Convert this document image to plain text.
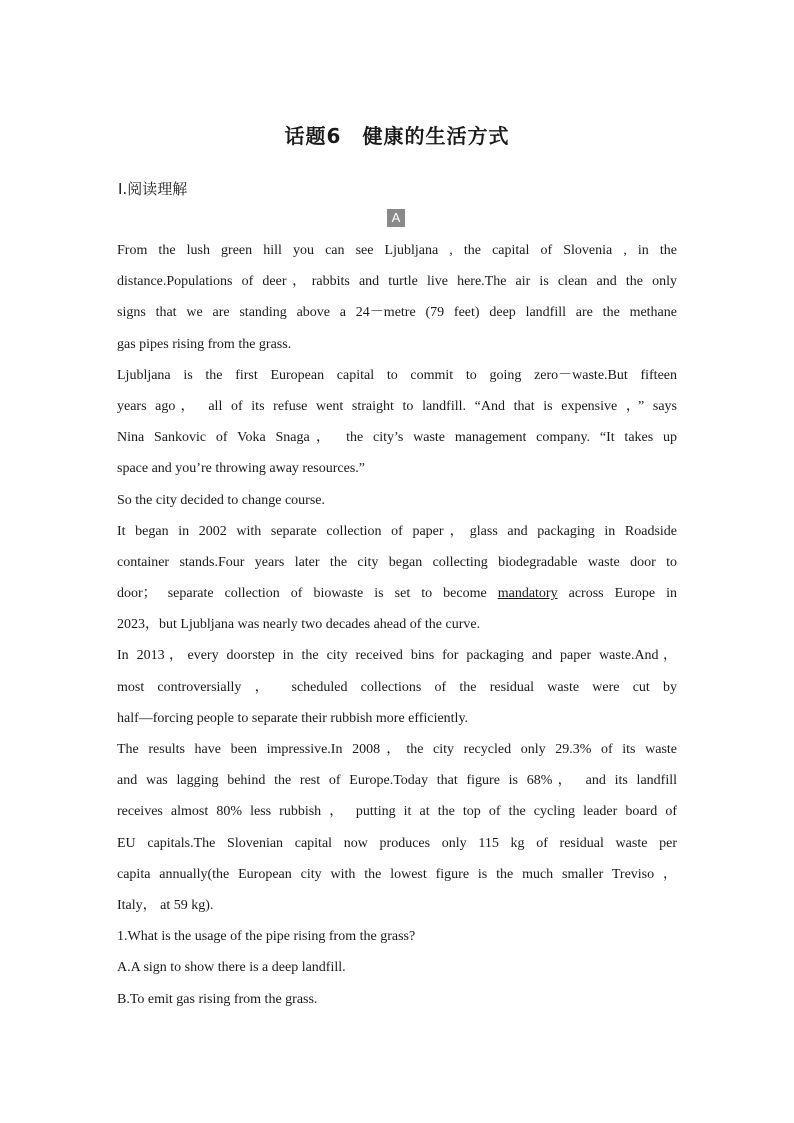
话题6　健康的生活方式
Ⅰ.阅读理解
A
From the lush green hill you can see Ljubljana , the capital of Slovenia , in the
distance.Populations of deer，rabbits and turtle live here.The air is clean and the only
signs that we are standing above a 24－metre (79 feet) deep landfill are the methane
gas pipes rising from the grass.
Ljubljana is the first European capital to commit to going zero－waste.But fifteen
years ago， all of its refuse went straight to landfill. “And that is expensive ，” says
Nina Sankovic of Voka Snaga， the city’s waste management company. “It takes up
space and you’re throwing away resources.”
So the city decided to change course.
It began in 2002 with separate collection of paper，glass and packaging in Roadside
container stands.Four years later the city began collecting biodegradable waste door to
door； separate collection of biowaste is set to become mandatory across Europe in
2023，but Ljubljana was nearly two decades ahead of the curve.
In 2013，every doorstep in the city received bins for packaging and paper waste.And，
most controversially ， scheduled collections of the residual waste were cut by
half—forcing people to separate their rubbish more efficiently.
The results have been impressive.In 2008，the city recycled only 29.3% of its waste
and was lagging behind the rest of Europe.Today that figure is 68%， and its landfill
receives almost 80% less rubbish ， putting it at the top of the cycling leader board of
EU capitals.The Slovenian capital now produces only 115 kg of residual waste per
capita annually(the European city with the lowest figure is the much smaller Treviso ，
Italy， at 59 kg).
1.What is the usage of the pipe rising from the grass?
A.A sign to show there is a deep landfill.
B.To emit gas rising from the grass.
